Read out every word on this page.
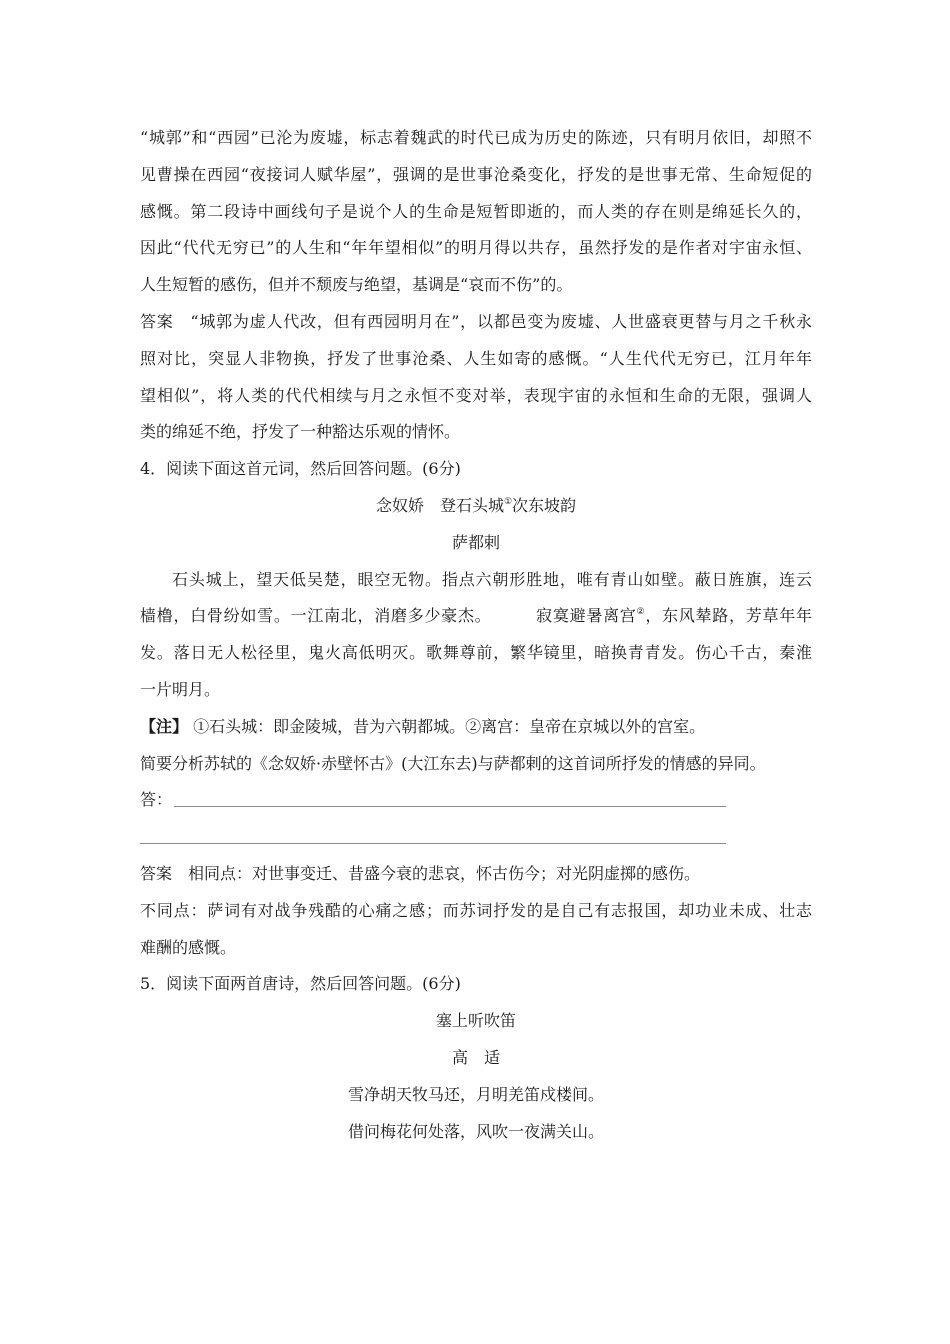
“城郭”和“西园”已沦为废墟，标志着魏武的时代已成为历史的陈迹，只有明月依旧，却照不
见曹操在西园“夜接词人赋华屋”，强调的是世事沧桑变化，抒发的是世事无常、生命短促的
感慨。第二段诗中画线句子是说个人的生命是短暂即逝的，而人类的存在则是绵延长久的，
因此“代代无穷已”的人生和“年年望相似”的明月得以共存，虽然抒发的是作者对宇宙永恒、
人生短暂的感伤，但并不颓废与绝望，基调是“哀而不伤”的。
答案　“城郭为虚人代改，但有西园明月在”，以都邑变为废墟、人世盛衰更替与月之千秋永
照对比，突显人非物换，抒发了世事沧桑、人生如寄的感慨。“人生代代无穷已，江月年年
望相似”，将人类的代代相续与月之永恒不变对举，表现宇宙的永恒和生命的无限，强调人
类的绵延不绝，抒发了一种豁达乐观的情怀。
4．阅读下面这首元词，然后回答问题。(6分)
念奴娇　登石头城①次东坡韵
萨都剌
石头城上，望天低吴楚，眼空无物。指点六朝形胜地，唯有青山如壁。蔽日旌旗，连云
樯橹，白骨纷如雪。一江南北，消磨多少豪杰。	寂寞避暑离宫②，东风辇路，芳草年年
发。落日无人松径里，鬼火高低明灭。歌舞尊前，繁华镜里，暗换青青发。伤心千古，秦淮
一片明月。
【注】 ①石头城：即金陵城，昔为六朝都城。②离宫：皇帝在京城以外的宫室。
简要分析苏轼的《念奴娇·赤壁怀古》(大江东去)与萨都剌的这首词所抒发的情感的异同。
答：
答案　相同点：对世事变迁、昔盛今衰的悲哀，怀古伤今；对光阴虚掷的感伤。
不同点：萨词有对战争残酷的心痛之感；而苏词抒发的是自己有志报国，却功业未成、壮志
难酬的感慨。
5．阅读下面两首唐诗，然后回答问题。(6分)
塞上听吹笛
高　适
雪净胡天牧马还，月明羌笛戍楼间。
借问梅花何处落，风吹一夜满关山。
